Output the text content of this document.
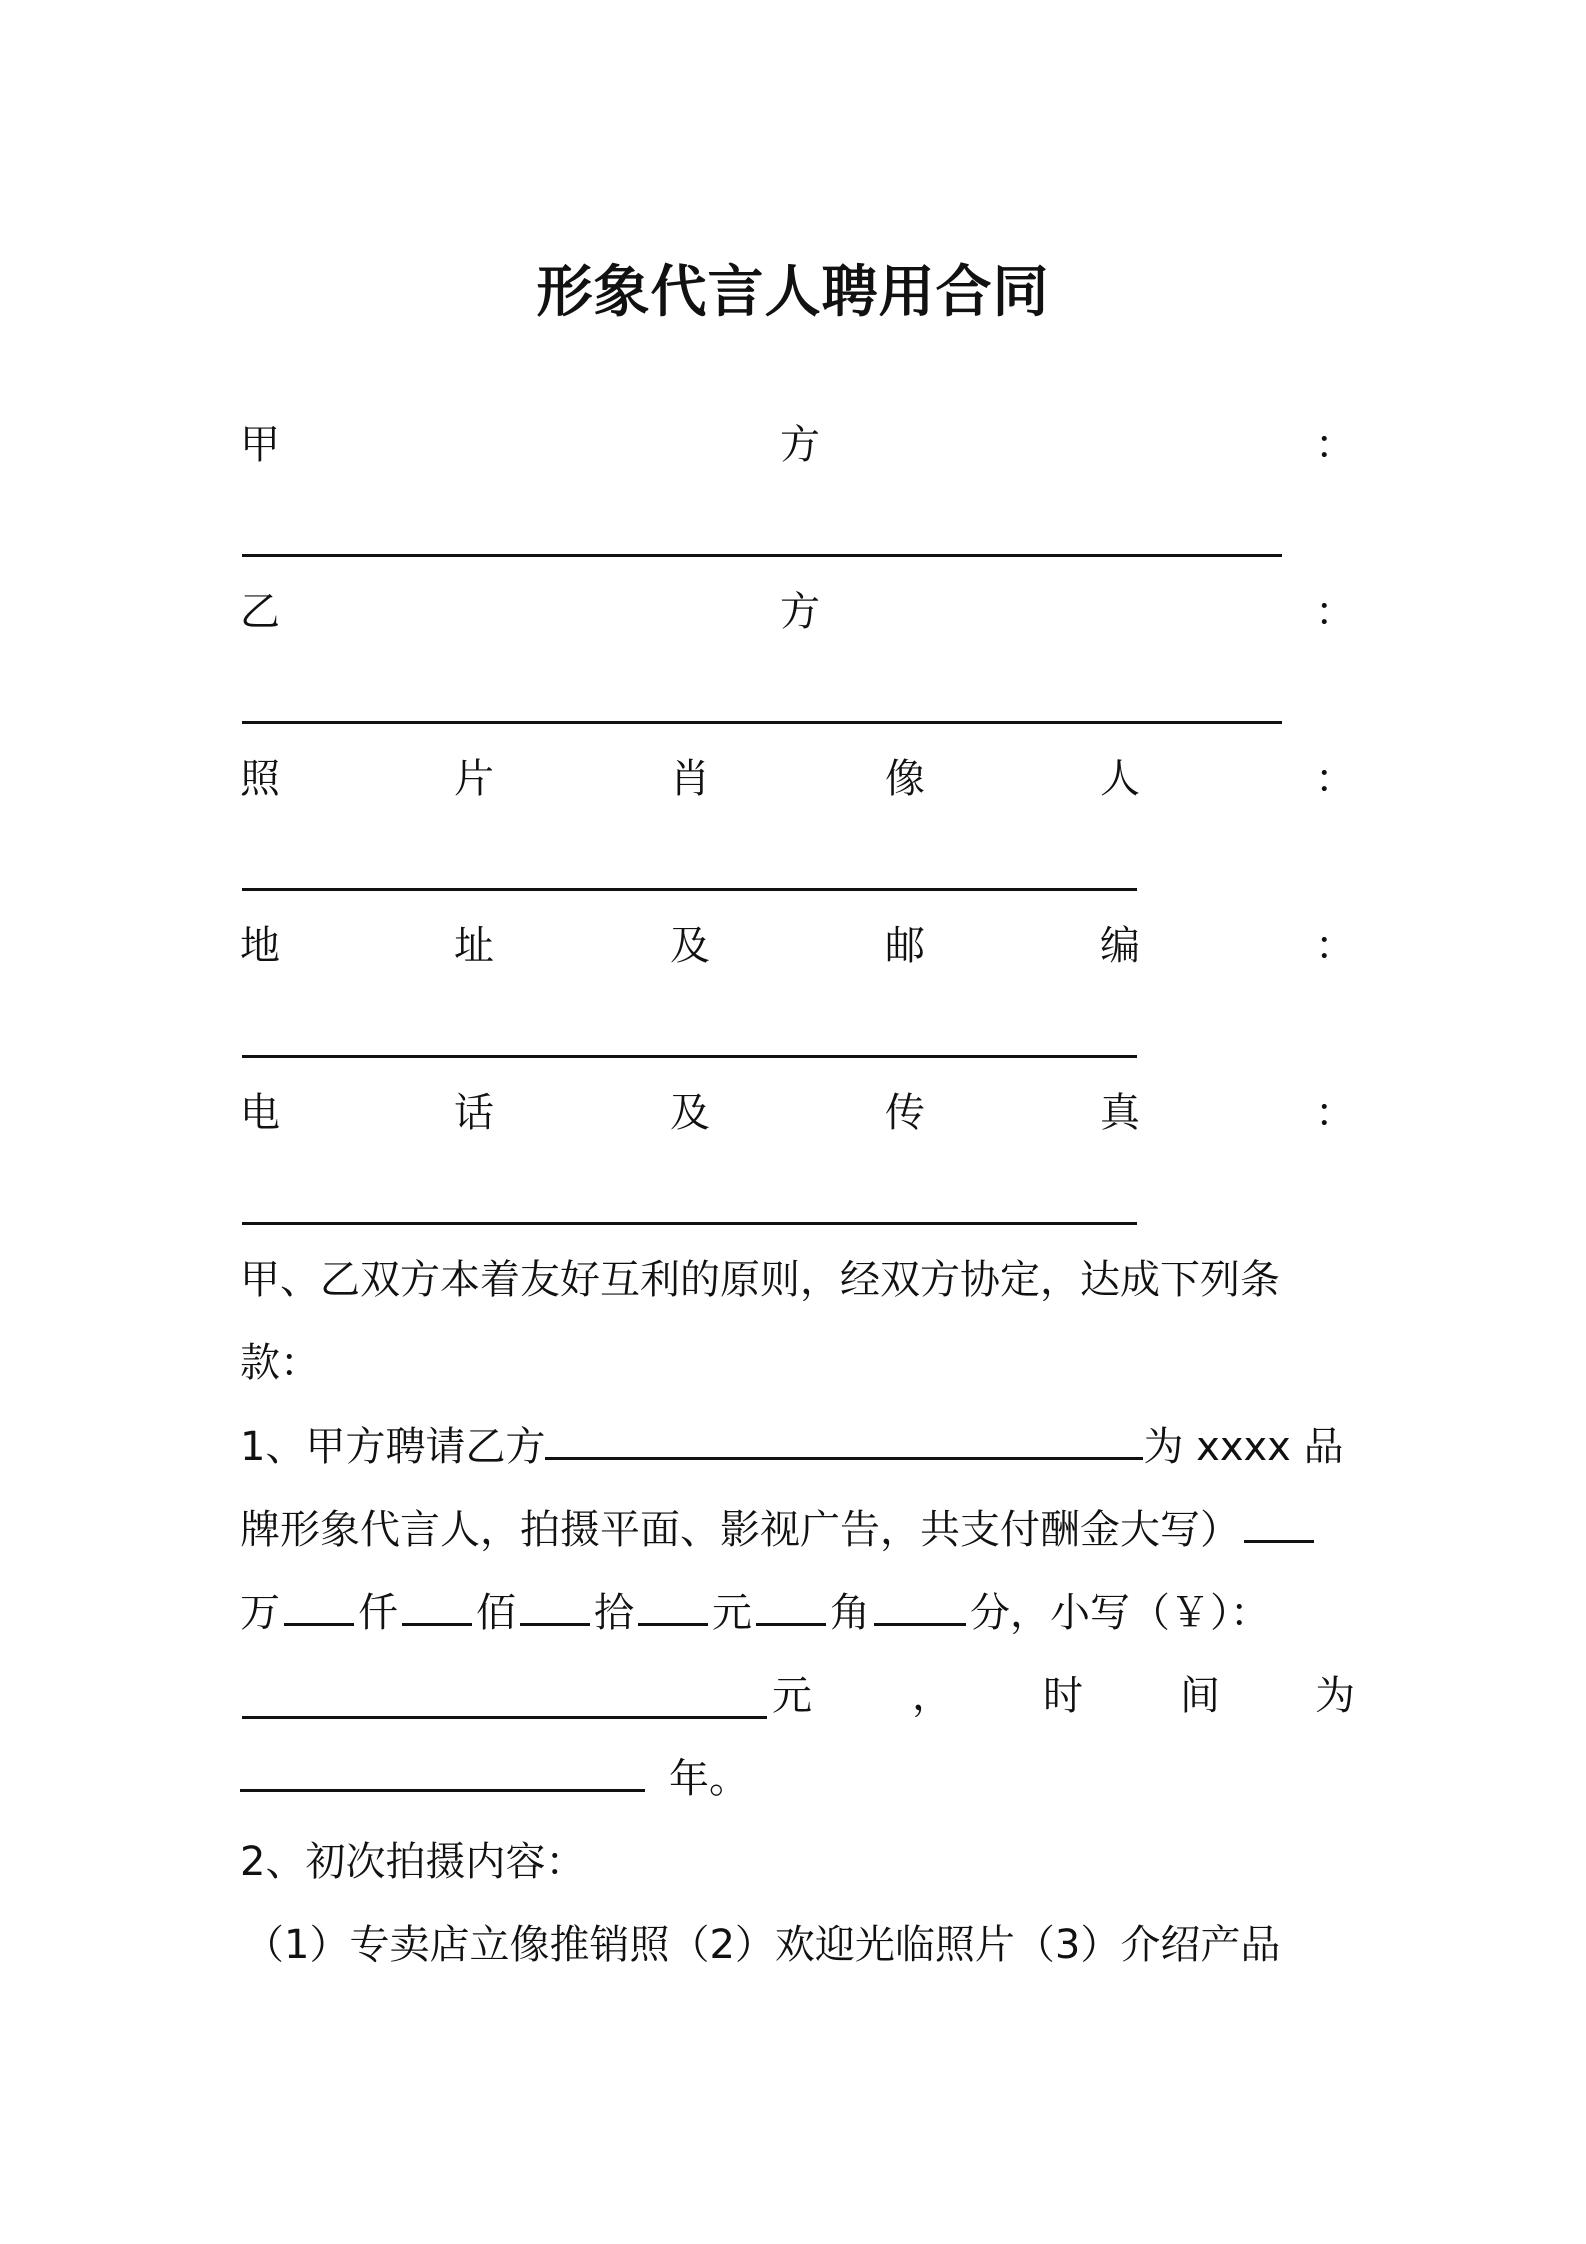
形象代言人聘用合同
甲	方	：
乙	方	：
照	片	肖	像	人	：
地	址	及	邮	编	：
电	话	及	传	真	：
甲、乙双方本着友好互利的原则，经双方协定，达成下列条
款：
1、甲方聘请乙方	为 xxxx 品
牌形象代言人，拍摄平面、影视广告，共支付酬金大写）
万 仟 佰 拾 元 角	分，小写（￥）：
元	， 时 间 为
年。
2、初次拍摄内容：
（1）专卖店立像推销照（2）欢迎光临照片（3）介绍产品
